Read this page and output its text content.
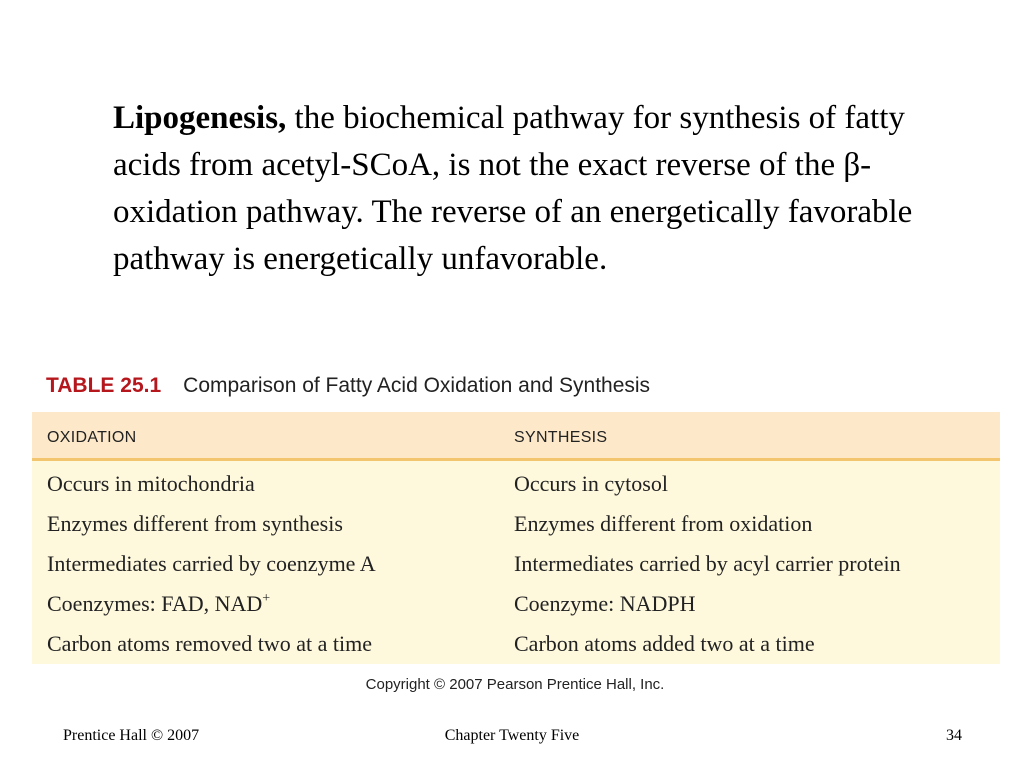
Lipogenesis, the biochemical pathway for synthesis of fatty acids from acetyl-SCoA, is not the exact reverse of the β-oxidation pathway. The reverse of an energetically favorable pathway is energetically unfavorable.

TABLE 25.1 Comparison of Fatty Acid Oxidation and Synthesis
OXIDATION	SYNTHESIS
Occurs in mitochondria	Occurs in cytosol
Enzymes different from synthesis	Enzymes different from oxidation
Intermediates carried by coenzyme A	Intermediates carried by acyl carrier protein
Coenzymes: FAD, NAD+	Coenzyme: NADPH
Carbon atoms removed two at a time	Carbon atoms added two at a time
Copyright © 2007 Pearson Prentice Hall, Inc.
Prentice Hall © 2007	Chapter Twenty Five	34
